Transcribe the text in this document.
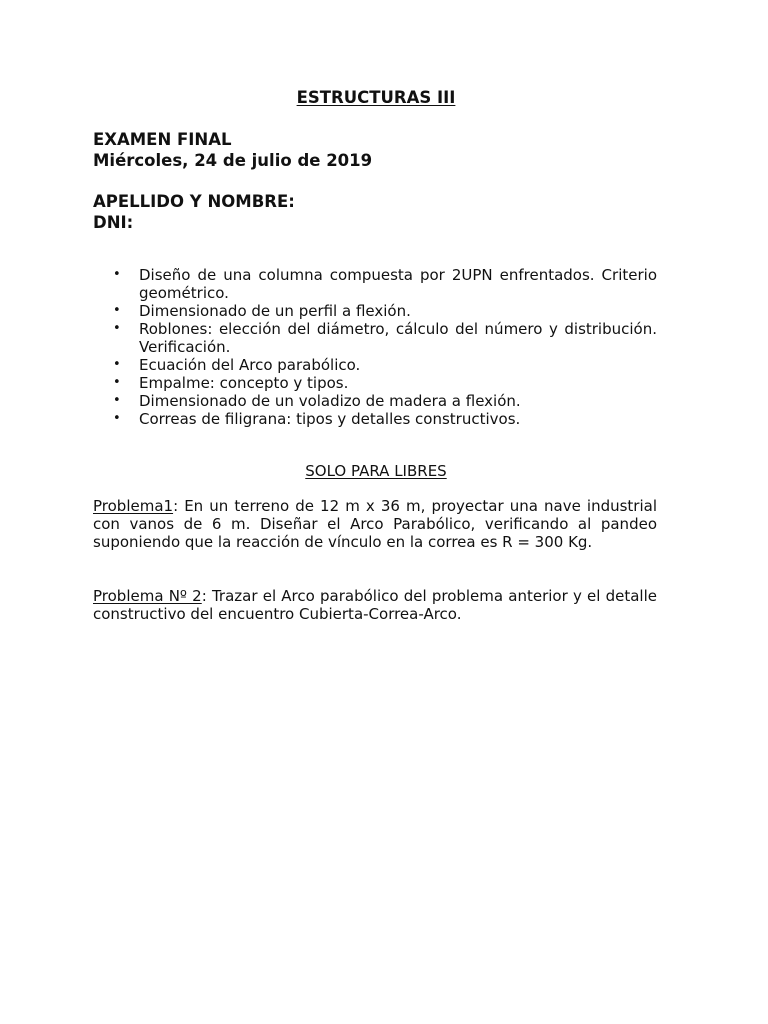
ESTRUCTURAS III
EXAMEN FINAL
Miércoles, 24 de julio de 2019
APELLIDO Y NOMBRE:
DNI:
• Diseño de una columna compuesta por 2UPN enfrentados. Criterio geométrico.
• Dimensionado de un perfil a flexión.
• Roblones: elección del diámetro, cálculo del número y distribución. Verificación.
• Ecuación del Arco parabólico.
• Empalme: concepto y tipos.
• Dimensionado de un voladizo de madera a flexión.
• Correas de filigrana: tipos y detalles constructivos.
SOLO PARA LIBRES
Problema1: En un terreno de 12 m x 36 m, proyectar una nave industrial con vanos de 6 m. Diseñar el Arco Parabólico, verificando al pandeo suponiendo que la reacción de vínculo en la correa es R = 300 Kg.
Problema Nº 2: Trazar el Arco parabólico del problema anterior y el detalle constructivo del encuentro Cubierta-Correa-Arco.
